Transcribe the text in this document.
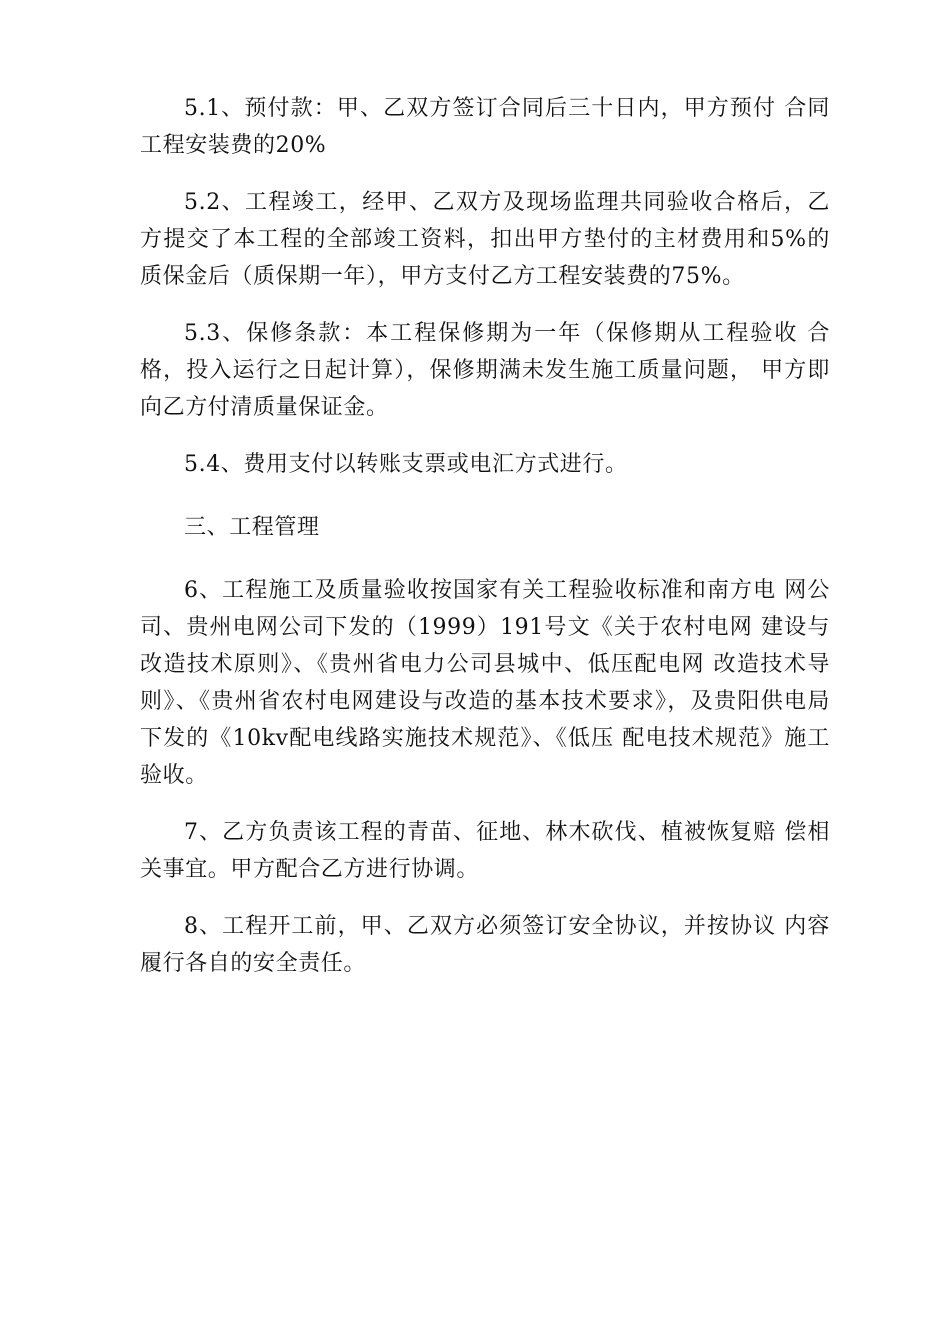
5.1、预付款：甲、乙双方签订合同后三十日内，甲方预付 合同工程安装费的20%

5.2、工程竣工，经甲、乙双方及现场监理共同验收合格后，乙方提交了本工程的全部竣工资料，扣出甲方垫付的主材费用和5%的质保金后（质保期一年），甲方支付乙方工程安装费的75%。

5.3、保修条款：本工程保修期为一年（保修期从工程验收 合格，投入运行之日起计算），保修期满未发生施工质量问题， 甲方即向乙方付清质量保证金。

5.4、费用支付以转账支票或电汇方式进行。

三、工程管理

6、工程施工及质量验收按国家有关工程验收标准和南方电 网公司、贵州电网公司下发的（1999）191号文《关于农村电网 建设与改造技术原则》、《贵州省电力公司县城中、低压配电网 改造技术导则》、《贵州省农村电网建设与改造的基本技术要求》，及贵阳供电局下发的《10kv配电线路实施技术规范》、《低压 配电技术规范》施工验收。

7、乙方负责该工程的青苗、征地、林木砍伐、植被恢复赔 偿相关事宜。甲方配合乙方进行协调。

8、工程开工前，甲、乙双方必须签订安全协议，并按协议 内容履行各自的安全责任。
